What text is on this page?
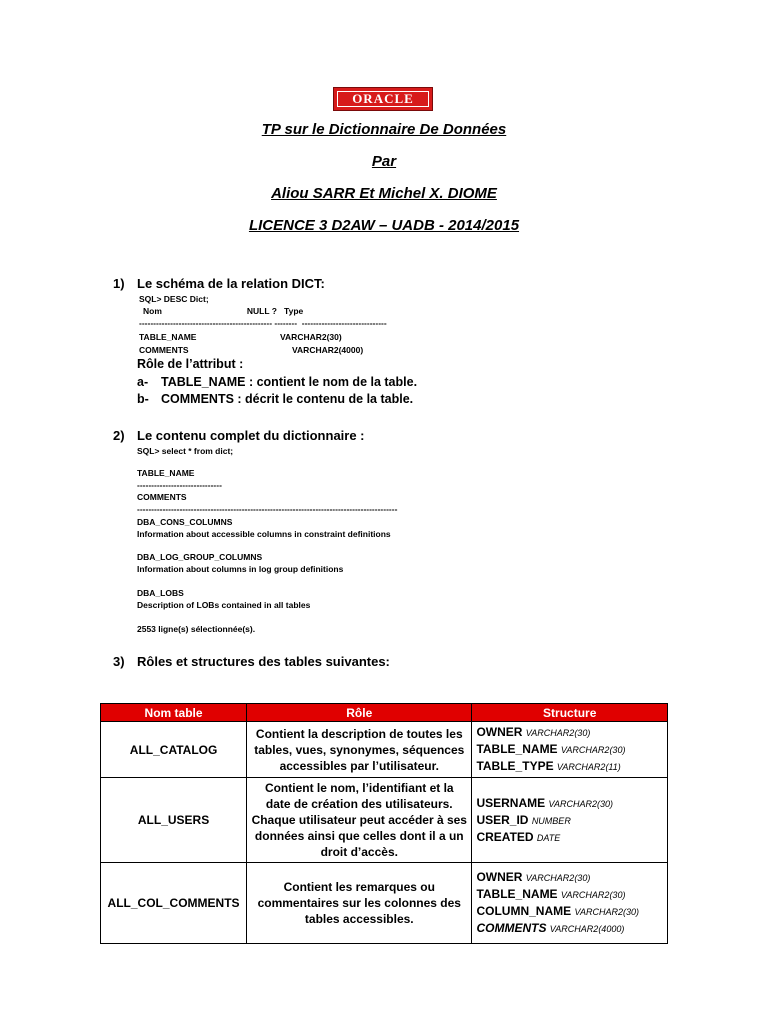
ORACLE
TP sur le Dictionnaire De Données
Par
Aliou SARR Et Michel X. DIOME
LICENCE 3 D2AW – UADB - 2014/2015
1) Le schéma de la relation DICT:
SQL> DESC Dict;
Nom                                    NULL ?   Type
----------------------------------------------- --------  ------------------------------
TABLE_NAME	VARCHAR2(30)
COMMENTS	VARCHAR2(4000)
Rôle de l’attribut :
a- TABLE_NAME : contient le nom de la table.
b- COMMENTS : décrit le contenu de la table.
2) Le contenu complet du dictionnaire :
SQL> select * from dict;
TABLE_NAME
------------------------------
COMMENTS
--------------------------------------------------------------------------------------------
DBA_CONS_COLUMNS
Information about accessible columns in constraint definitions
DBA_LOG_GROUP_COLUMNS
Information about columns in log group definitions
DBA_LOBS
Description of LOBs contained in all tables
2553 ligne(s) sélectionnée(s).
3) Rôles et structures des tables suivantes:
Nom table	Rôle	Structure
ALL_CATALOG	Contient la description de toutes les tables, vues, synonymes, séquences accessibles par l’utilisateur.	OWNER VARCHAR2(30)
TABLE_NAME VARCHAR2(30)
TABLE_TYPE VARCHAR2(11)

ALL_USERS	Contient le nom, l’identifiant et la date de création des utilisateurs. Chaque utilisateur peut accéder à ses données ainsi que celles dont il a un droit d’accès.	USERNAME VARCHAR2(30)
USER_ID NUMBER
CREATED DATE

ALL_COL_COMMENTS	Contient les remarques ou commentaires sur les colonnes des tables accessibles.	OWNER VARCHAR2(30)
TABLE_NAME VARCHAR2(30)
COLUMN_NAME VARCHAR2(30)
COMMENTS VARCHAR2(4000)
